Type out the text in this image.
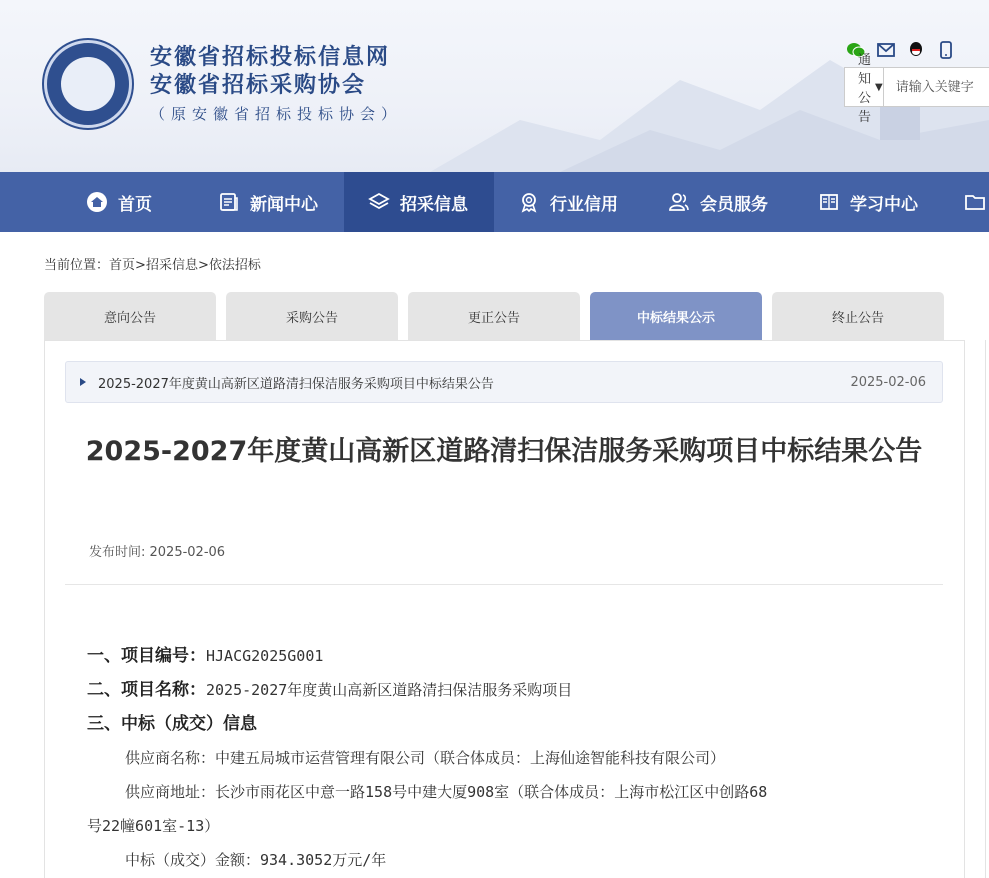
安徽省招标投标信息网
安徽省招标采购协会
（原安徽省招标投标协会）
通知公告
▼
请输入关键字
首页	新闻中心	招采信息	行业信用	会员服务	学习中心
当前位置：首页>招采信息>依法招标
意向公告	采购公告	更正公告	中标结果公示	终止公告
2025-2027年度黄山高新区道路清扫保洁服务采购项目中标结果公告	2025-02-06
2025-2027年度黄山高新区道路清扫保洁服务采购项目中标结果公告
发布时间: 2025-02-06
一、项目编号：HJACG2025G001
二、项目名称：2025-2027年度黄山高新区道路清扫保洁服务采购项目
三、中标（成交）信息
供应商名称：中建五局城市运营管理有限公司（联合体成员：上海仙途智能科技有限公司）
供应商地址：长沙市雨花区中意一路158号中建大厦908室（联合体成员：上海市松江区中创路68
号22幢601室-13）
中标（成交）金额：934.3052万元/年
